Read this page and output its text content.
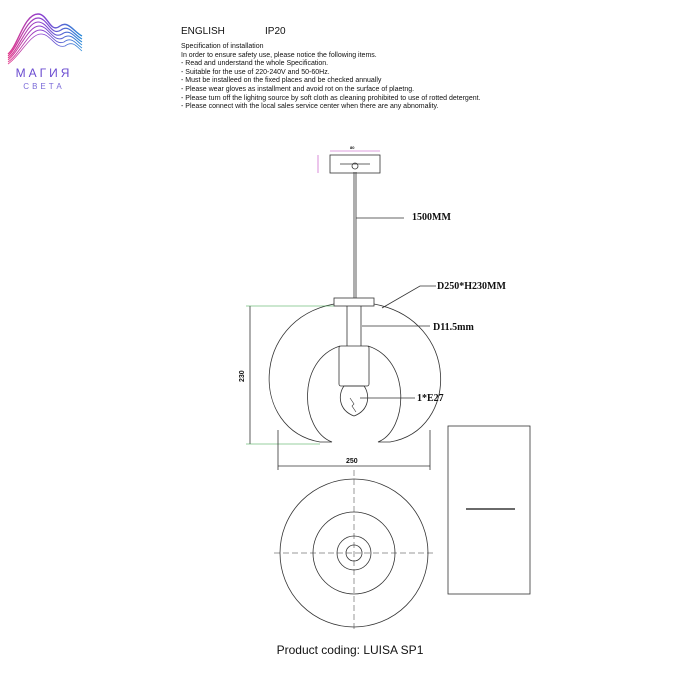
МАГИЯ
СВЕТА
ENGLISH	IP20
Specification of installation
In order to ensure safety use, please notice the following items.
- Read and understand the whole Specification.
- Suitable for the use of 220-240V and 50-60Hz.
- Must be installeed on the fixed places and be checked annually
- Please wear gloves as installment and avoid rot on the surface of plaetng.
- Please turn off the lighitng source by soft cloth as cleaning prohibited to use of rotted detergent.
- Please connect with the local sales service center when there are any abnomality.
1500MM
D250*H230MM
D11.5mm
1*E27
250
230
80
Product coding: LUISA SP1
